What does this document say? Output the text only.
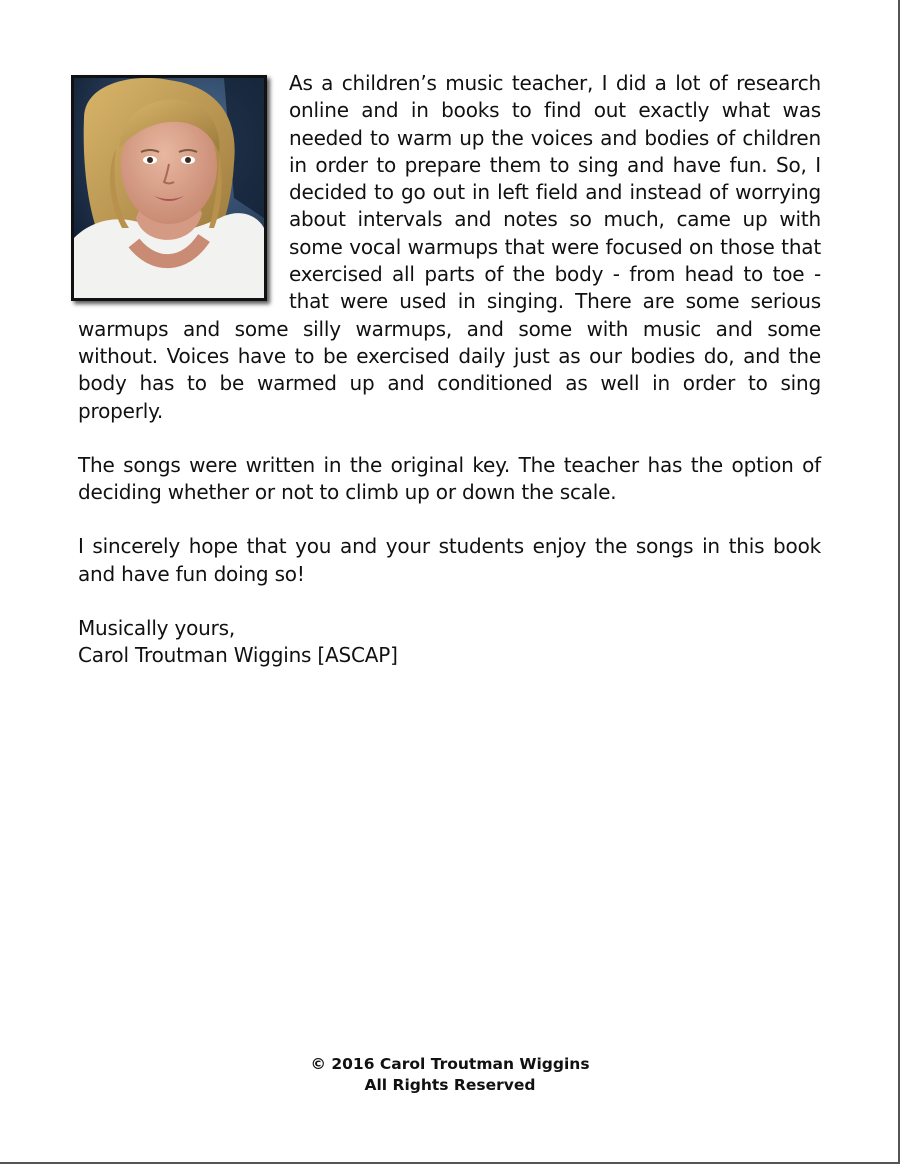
As a children’s music teacher, I did a lot of research online and in books to find out exactly what was needed to warm up the voices and bodies of children in order to prepare them to sing and have fun. So, I decided to go out in left field and instead of worrying about intervals and notes so much, came up with some vocal warmups that were focused on those that exercised all parts of the body - from head to toe - that were used in singing. There are some serious warmups and some silly warmups, and some with music and some without. Voices have to be exercised daily just as our bodies do, and the body has to be warmed up and conditioned as well in order to sing properly.

The songs were written in the original key. The teacher has the option of deciding whether or not to climb up or down the scale.

I sincerely hope that you and your students enjoy the songs in this book and have fun doing so!

Musically yours,
Carol Troutman Wiggins [ASCAP]

© 2016 Carol Troutman Wiggins
All Rights Reserved
